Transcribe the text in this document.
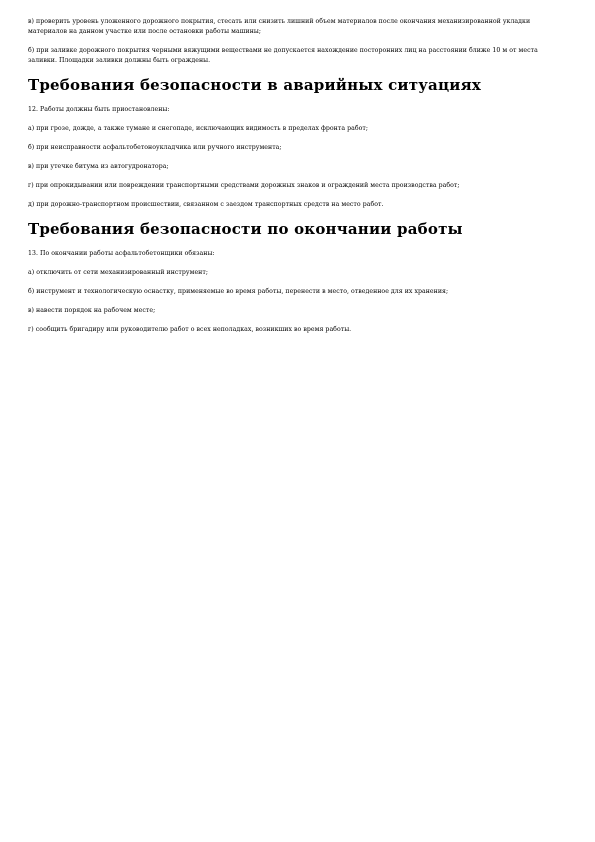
в) проверить уровень уложенного дорожного покрытия, стесать или снизить лишний объем материалов после окончания механизированной укладки материалов на данном участке или после остановки работы машины;

б) при заливке дорожного покрытия черными вяжущими веществами не допускается нахождение посторонних лиц на расстоянии ближе 10 м от места заливки. Площадки заливки должны быть ограждены.

Требования безопасности в аварийных ситуациях

12. Работы должны быть приостановлены:

а) при грозе, дожде, а также тумане и снегопаде, исключающих видимость в пределах фронта работ;

б) при неисправности асфальтобетоноукладчика или ручного инструмента;

в) при утечке битума из автогудронатора;

г) при опрокидывании или повреждении транспортными средствами дорожных знаков и ограждений места производства работ;

д) при дорожно-транспортном происшествии, связанном с заездом транспортных средств на место работ.

Требования безопасности по окончании работы

13. По окончании работы асфальтобетонщики обязаны:

а) отключить от сети механизированный инструмент;

б) инструмент и технологическую оснастку, применяемые во время работы, перенести в место, отведенное для их хранения;

в) навести порядок на рабочем месте;

г) сообщить бригадиру или руководителю работ о всех неполадках, возникших во время работы.
